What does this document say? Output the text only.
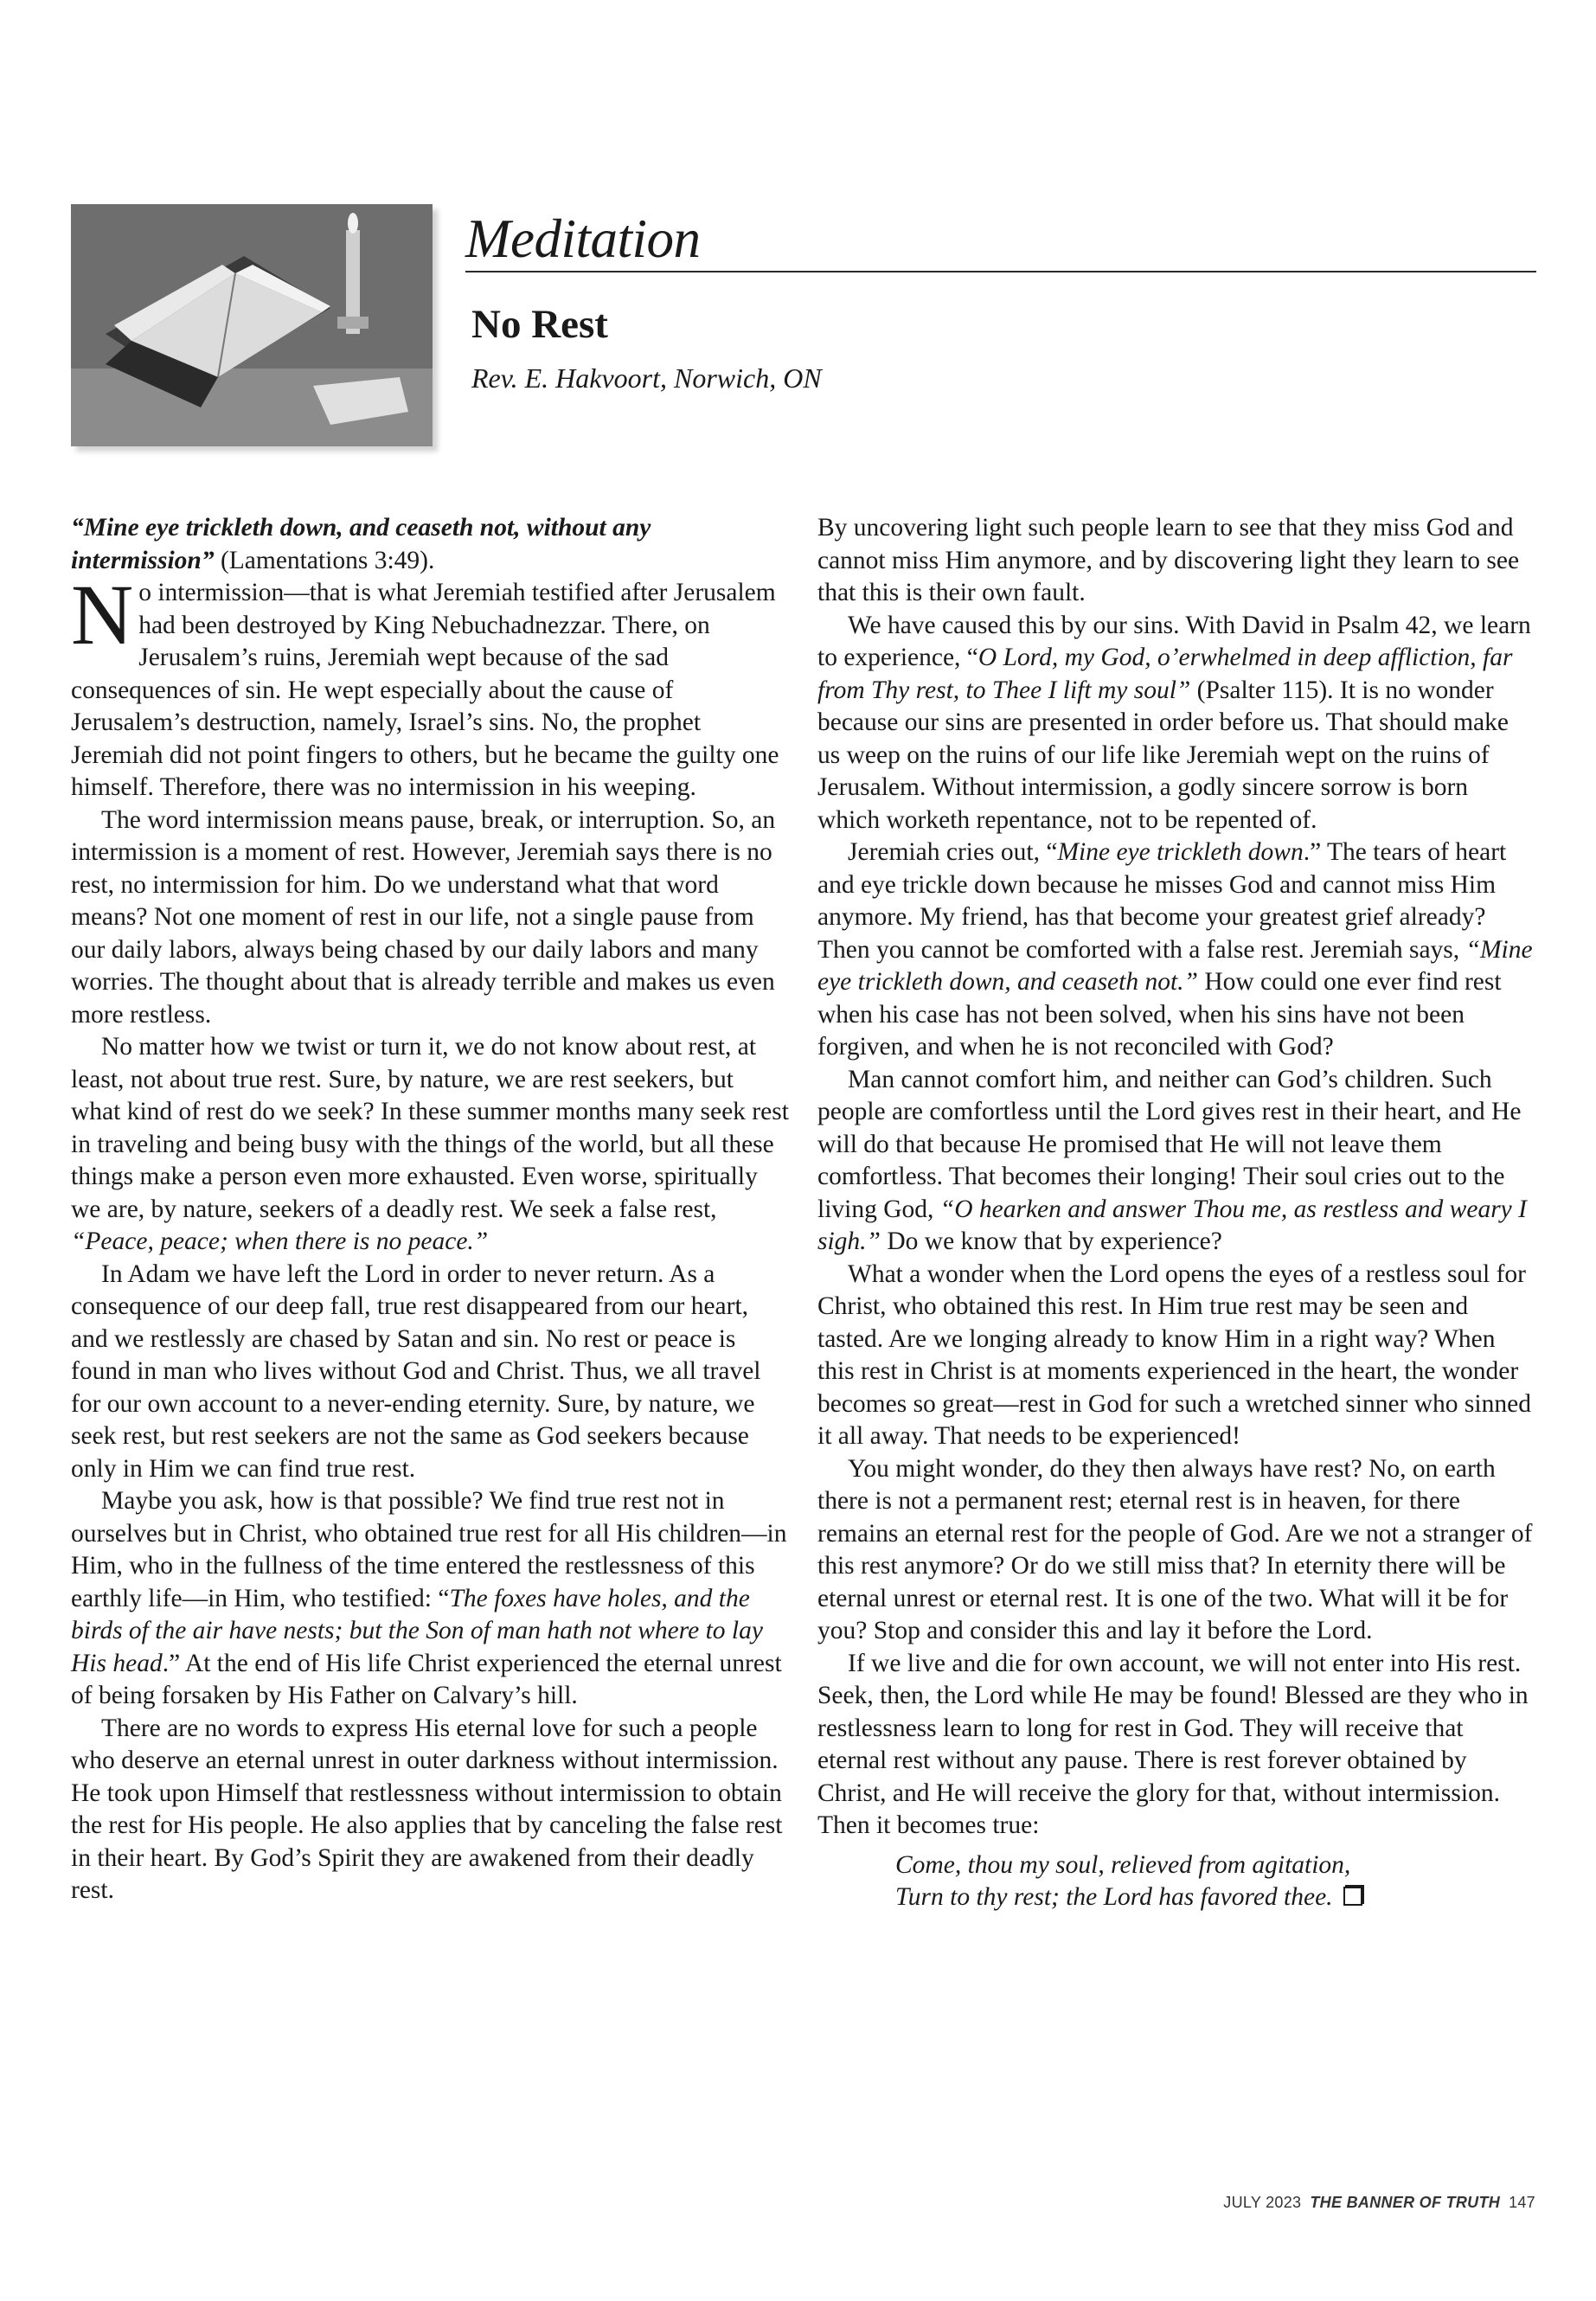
Meditation
No Rest
Rev. E. Hakvoort, Norwich, ON

“Mine eye trickleth down, and ceaseth not, without any intermission” (Lamentations 3:49).

No intermission—that is what Jeremiah testified after Jerusalem had been destroyed by King Nebuchadnezzar. There, on Jerusalem’s ruins, Jeremiah wept because of the sad consequences of sin. He wept especially about the cause of Jerusalem’s destruction, namely, Israel’s sins. No, the prophet Jeremiah did not point fingers to others, but he became the guilty one himself. Therefore, there was no intermission in his weeping.

The word intermission means pause, break, or interruption. So, an intermission is a moment of rest. However, Jeremiah says there is no rest, no intermission for him. Do we understand what that word means? Not one moment of rest in our life, not a single pause from our daily labors, always being chased by our daily labors and many worries. The thought about that is already terrible and makes us even more restless.

No matter how we twist or turn it, we do not know about rest, at least, not about true rest. Sure, by nature, we are rest seekers, but what kind of rest do we seek? In these summer months many seek rest in traveling and being busy with the things of the world, but all these things make a person even more exhausted. Even worse, spiritually we are, by nature, seekers of a deadly rest. We seek a false rest, “Peace, peace; when there is no peace.”

In Adam we have left the Lord in order to never return. As a consequence of our deep fall, true rest disappeared from our heart, and we restlessly are chased by Satan and sin. No rest or peace is found in man who lives without God and Christ. Thus, we all travel for our own account to a never-ending eternity. Sure, by nature, we seek rest, but rest seekers are not the same as God seekers because only in Him we can find true rest.

Maybe you ask, how is that possible? We find true rest not in ourselves but in Christ, who obtained true rest for all His children—in Him, who in the fullness of the time entered the restlessness of this earthly life—in Him, who testified: “The foxes have holes, and the birds of the air have nests; but the Son of man hath not where to lay His head.” At the end of His life Christ experienced the eternal unrest of being forsaken by His Father on Calvary’s hill.

There are no words to express His eternal love for such a people who deserve an eternal unrest in outer darkness without intermission. He took upon Himself that restlessness without intermission to obtain the rest for His people. He also applies that by canceling the false rest in their heart. By God’s Spirit they are awakened from their deadly rest.

By uncovering light such people learn to see that they miss God and cannot miss Him anymore, and by discovering light they learn to see that this is their own fault.

We have caused this by our sins. With David in Psalm 42, we learn to experience, “O Lord, my God, o’erwhelmed in deep affliction, far from Thy rest, to Thee I lift my soul” (Psalter 115). It is no wonder because our sins are presented in order before us. That should make us weep on the ruins of our life like Jeremiah wept on the ruins of Jerusalem. Without intermission, a godly sincere sorrow is born which worketh repentance, not to be repented of.

Jeremiah cries out, “Mine eye trickleth down.” The tears of heart and eye trickle down because he misses God and cannot miss Him anymore. My friend, has that become your greatest grief already? Then you cannot be comforted with a false rest. Jeremiah says, “Mine eye trickleth down, and ceaseth not.” How could one ever find rest when his case has not been solved, when his sins have not been forgiven, and when he is not reconciled with God?

Man cannot comfort him, and neither can God’s children. Such people are comfortless until the Lord gives rest in their heart, and He will do that because He promised that He will not leave them comfortless. That becomes their longing! Their soul cries out to the living God, “O hearken and answer Thou me, as restless and weary I sigh.” Do we know that by experience?

What a wonder when the Lord opens the eyes of a restless soul for Christ, who obtained this rest. In Him true rest may be seen and tasted. Are we longing already to know Him in a right way? When this rest in Christ is at moments experienced in the heart, the wonder becomes so great—rest in God for such a wretched sinner who sinned it all away. That needs to be experienced!

You might wonder, do they then always have rest? No, on earth there is not a permanent rest; eternal rest is in heaven, for there remains an eternal rest for the people of God. Are we not a stranger of this rest anymore? Or do we still miss that? In eternity there will be eternal unrest or eternal rest. It is one of the two. What will it be for you? Stop and consider this and lay it before the Lord.

If we live and die for own account, we will not enter into His rest. Seek, then, the Lord while He may be found! Blessed are they who in restlessness learn to long for rest in God. They will receive that eternal rest without any pause. There is rest forever obtained by Christ, and He will receive the glory for that, without intermission. Then it becomes true:

Come, thou my soul, relieved from agitation,
Turn to thy rest; the Lord has favored thee.
JULY 2023 THE BANNER OF TRUTH 147
